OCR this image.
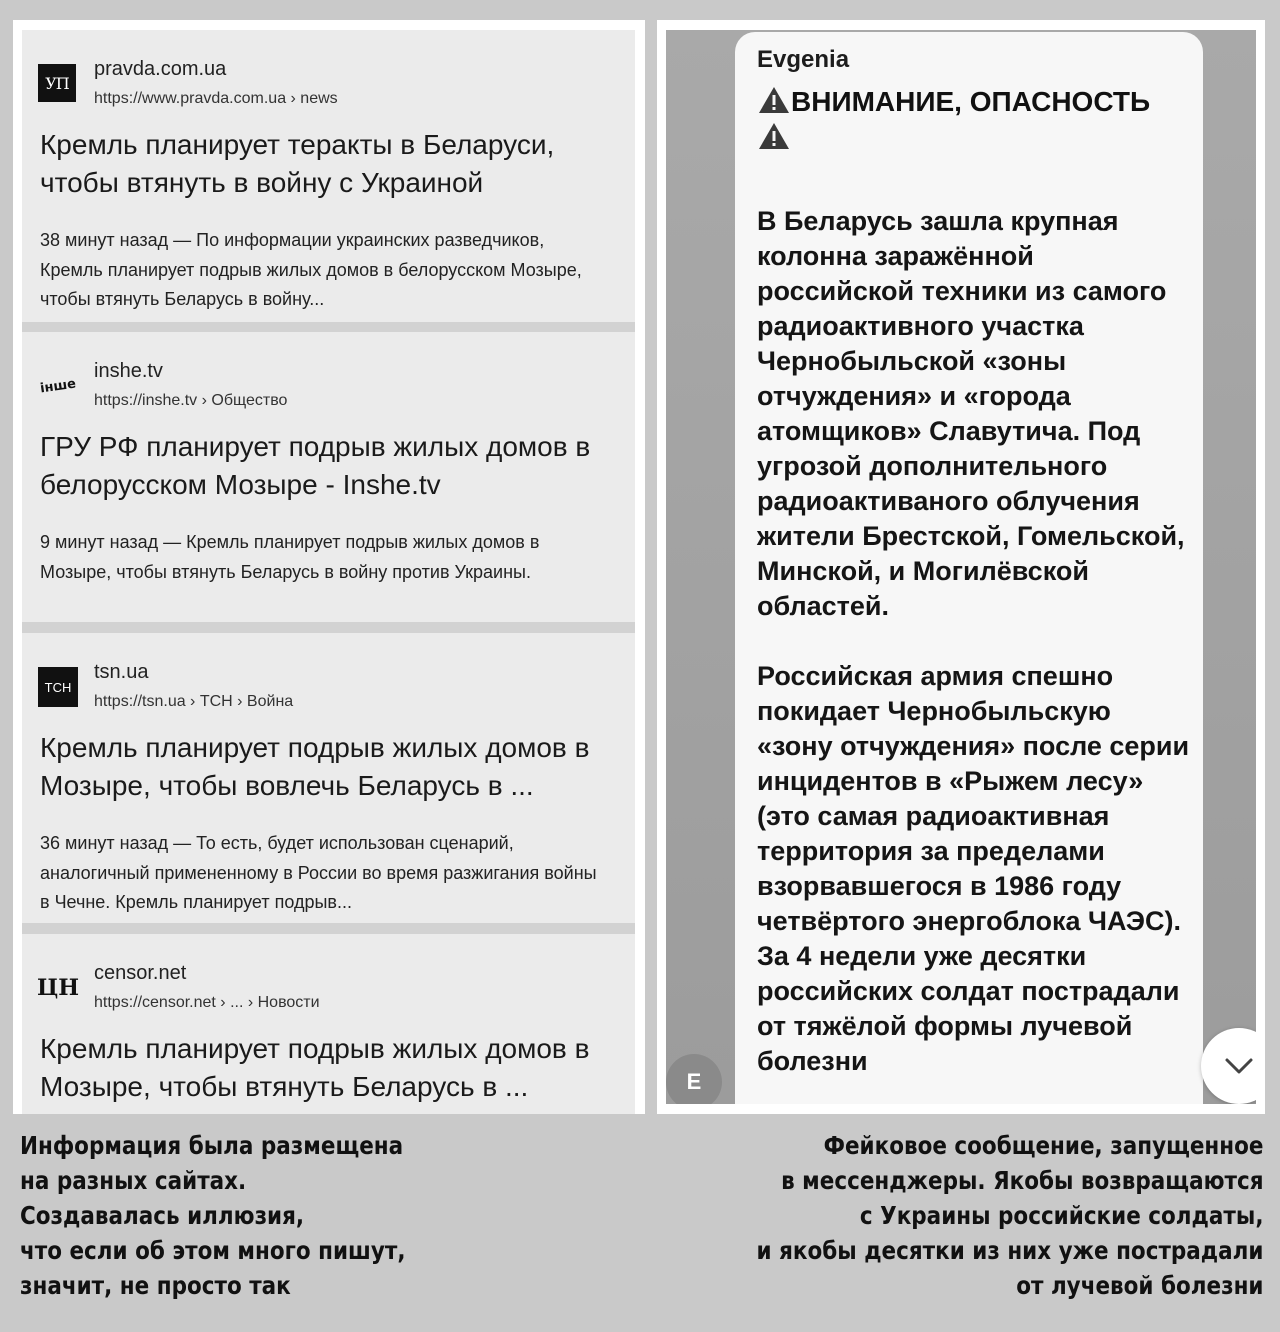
УП
pravda.com.ua
https://www.pravda.com.ua › news
Кремль планирует теракты в Беларуси, чтобы втянуть в войну с Украиной
38 минут назад — По информации украинских разведчиков, Кремль планирует подрыв жилых домов в белорусском Мозыре, чтобы втянуть Беларусь в войну...
інше
inshe.tv
https://inshe.tv › Общество
ГРУ РФ планирует подрыв жилых домов в белорусском Мозыре - Inshe.tv
9 минут назад — Кремль планирует подрыв жилых домов в Мозыре, чтобы втянуть Беларусь в войну против Украины.
ТСН
tsn.ua
https://tsn.ua › ТСН › Война
Кремль планирует подрыв жилых домов в Мозыре, чтобы вовлечь Беларусь в ...
36 минут назад — То есть, будет использован сценарий, аналогичный примененному в России во время разжигания войны в Чечне. Кремль планирует подрыв...
ЦН
censor.net
https://censor.net › ... › Новости
Кремль планирует подрыв жилых домов в Мозыре, чтобы втянуть Беларусь в ...
Evgenia
ВНИМАНИЕ, ОПАСНОСТЬ

В Беларусь зашла крупная колонна заражённой российской техники из самого радиоактивного участка Чернобыльской «зоны отчуждения» и «города атомщиков» Славутича. Под угрозой дополнительного радиоактиваного облучения жители Брестской, Гомельской, Минской, и Могилёвской областей.

Российская армия спешно покидает Чернобыльскую «зону отчуждения» после серии инцидентов в «Рыжем лесу» (это самая радиоактивная территория за пределами взорвавшегося в 1986 году четвёртого энергоблока ЧАЭС). За 4 недели уже десятки российских солдат пострадали от тяжёлой формы лучевой болезни

E
Информация была размещена
на разных сайтах.
Создавалась иллюзия,
что если об этом много пишут,
значит, не просто так
Фейковое сообщение, запущенное
в мессенджеры. Якобы возвращаются
с Украины российские солдаты,
и якобы десятки из них уже пострадали
от лучевой болезни
